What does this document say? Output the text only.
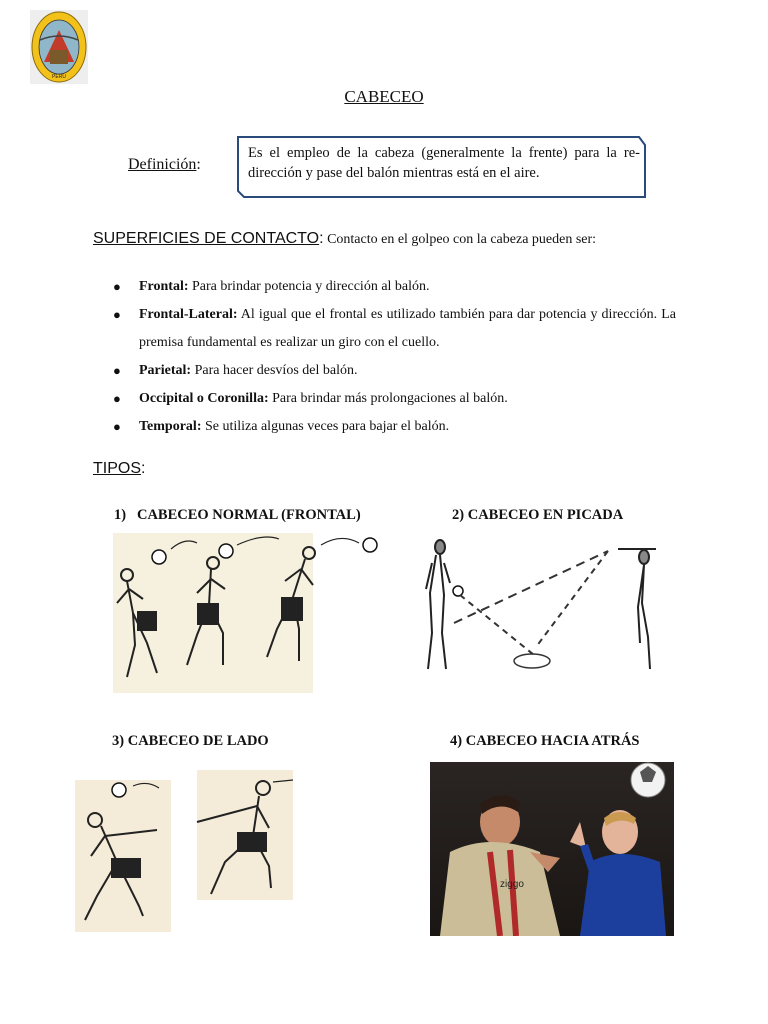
PERU
CABECEO
Definición:
Es el empleo de la cabeza (generalmente la frente) para la re-dirección y pase del balón mientras está en el aire.
SUPERFICIES DE CONTACTO: Contacto en el golpeo con la cabeza pueden ser:
● Frontal: Para brindar potencia y dirección al balón.
● Frontal-Lateral: Al igual que el frontal es utilizado también para dar potencia y dirección. La premisa fundamental es realizar un giro con el cuello.
● Parietal: Para hacer desvíos del balón.
● Occipital o Coronilla: Para brindar más prolongaciones al balón.
● Temporal: Se utiliza algunas veces para bajar el balón.
TIPOS:
1) CABECEO NORMAL (FRONTAL)	2) CABECEO EN PICADA
3) CABECEO DE LADO	4) CABECEO HACIA ATRÁS
ziggo
